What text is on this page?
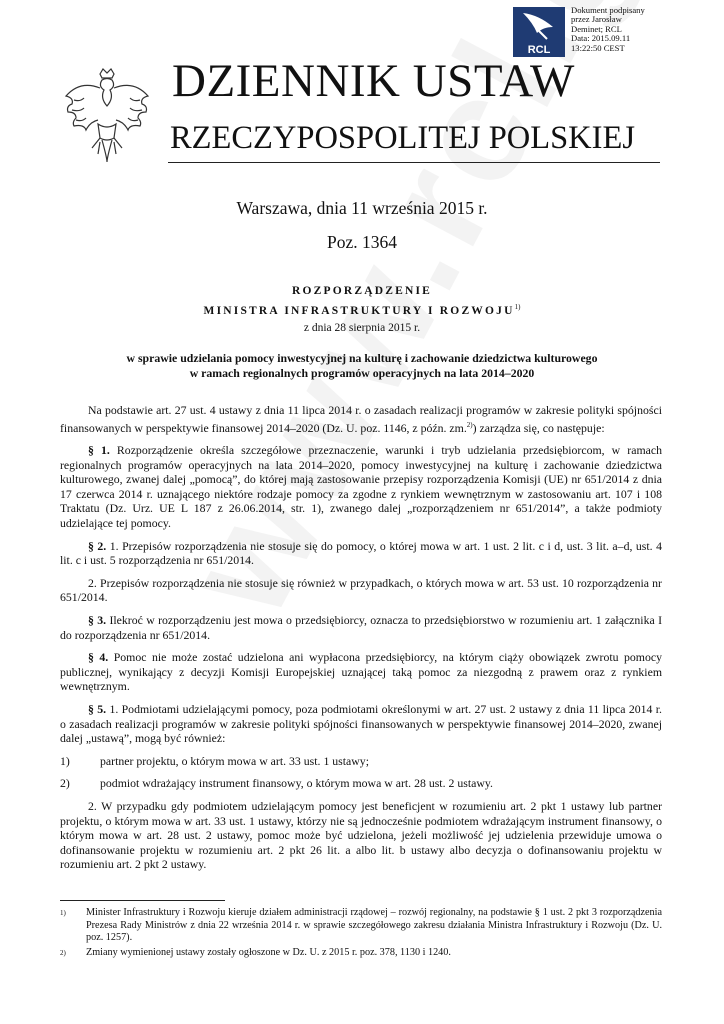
RCL
Dokument podpisany
przez Jarosław
Deminet; RCL
Data: 2015.09.11
13:22:50 CEST
DZIENNIK USTAW
RZECZYPOSPOLITEJ POLSKIEJ
Warszawa, dnia 11 września 2015 r.
Poz. 1364
ROZPORZĄDZENIE
MINISTRA INFRASTRUKTURY I ROZWOJU$^{1)}$
z dnia 28 sierpnia 2015 r.
w sprawie udzielania pomocy inwestycyjnej na kulturę i zachowanie dziedzictwa kulturowego
w ramach regionalnych programów operacyjnych na lata 2014–2020

Na podstawie art. 27 ust. 4 ustawy z dnia 11 lipca 2014 r. o zasadach realizacji programów w zakresie polityki spójności finansowanych w perspektywie finansowej 2014–2020 (Dz. U. poz. 1146, z późn. zm.$^{2)}$) zarządza się, co następuje:

§ 1. Rozporządzenie określa szczegółowe przeznaczenie, warunki i tryb udzielania przedsiębiorcom, w ramach regionalnych programów operacyjnych na lata 2014–2020, pomocy inwestycyjnej na kulturę i zachowanie dziedzictwa kulturowego, zwanej dalej „pomocą”, do której mają zastosowanie przepisy rozporządzenia Komisji (UE) nr 651/2014 z dnia 17 czerwca 2014 r. uznającego niektóre rodzaje pomocy za zgodne z rynkiem wewnętrznym w zastosowaniu art. 107 i 108 Traktatu (Dz. Urz. UE L 187 z 26.06.2014, str. 1), zwanego dalej „rozporządzeniem nr 651/2014”, a także podmioty udzielające tej pomocy.

§ 2. 1. Przepisów rozporządzenia nie stosuje się do pomocy, o której mowa w art. 1 ust. 2 lit. c i d, ust. 3 lit. a–d, ust. 4 lit. c i ust. 5 rozporządzenia nr 651/2014.

2. Przepisów rozporządzenia nie stosuje się również w przypadkach, o których mowa w art. 53 ust. 10 rozporządzenia nr 651/2014.

§ 3. Ilekroć w rozporządzeniu jest mowa o przedsiębiorcy, oznacza to przedsiębiorstwo w rozumieniu art. 1 załącznika I do rozporządzenia nr 651/2014.

§ 4. Pomoc nie może zostać udzielona ani wypłacona przedsiębiorcy, na którym ciąży obowiązek zwrotu pomocy publicznej, wynikający z decyzji Komisji Europejskiej uznającej taką pomoc za niezgodną z prawem oraz z rynkiem wewnętrznym.

§ 5. 1. Podmiotami udzielającymi pomocy, poza podmiotami określonymi w art. 27 ust. 2 ustawy z dnia 11 lipca 2014 r. o zasadach realizacji programów w zakresie polityki spójności finansowanych w perspektywie finansowej 2014–2020, zwanej dalej „ustawą”, mogą być również:

1)	partner projektu, o którym mowa w art. 33 ust. 1 ustawy;
2)	podmiot wdrażający instrument finansowy, o którym mowa w art. 28 ust. 2 ustawy.

2. W przypadku gdy podmiotem udzielającym pomocy jest beneficjent w rozumieniu art. 2 pkt 1 ustawy lub partner projektu, o którym mowa w art. 33 ust. 1 ustawy, którzy nie są jednocześnie podmiotem wdrażającym instrument finansowy, o którym mowa w art. 28 ust. 2 ustawy, pomoc może być udzielona, jeżeli możliwość jej udzielenia przewiduje umowa o dofinansowanie projektu w rozumieniu art. 2 pkt 26 lit. a albo lit. b ustawy albo decyzja o dofinansowaniu projektu w rozumieniu art. 2 pkt 2 ustawy.

1)	Minister Infrastruktury i Rozwoju kieruje działem administracji rządowej – rozwój regionalny, na podstawie § 1 ust. 2 pkt 3 rozporządzenia Prezesa Rady Ministrów z dnia 22 września 2014 r. w sprawie szczegółowego zakresu działania Ministra Infrastruktury i Rozwoju (Dz. U. poz. 1257).
2)	Zmiany wymienionej ustawy zostały ogłoszone w Dz. U. z 2015 r. poz. 378, 1130 i 1240.
